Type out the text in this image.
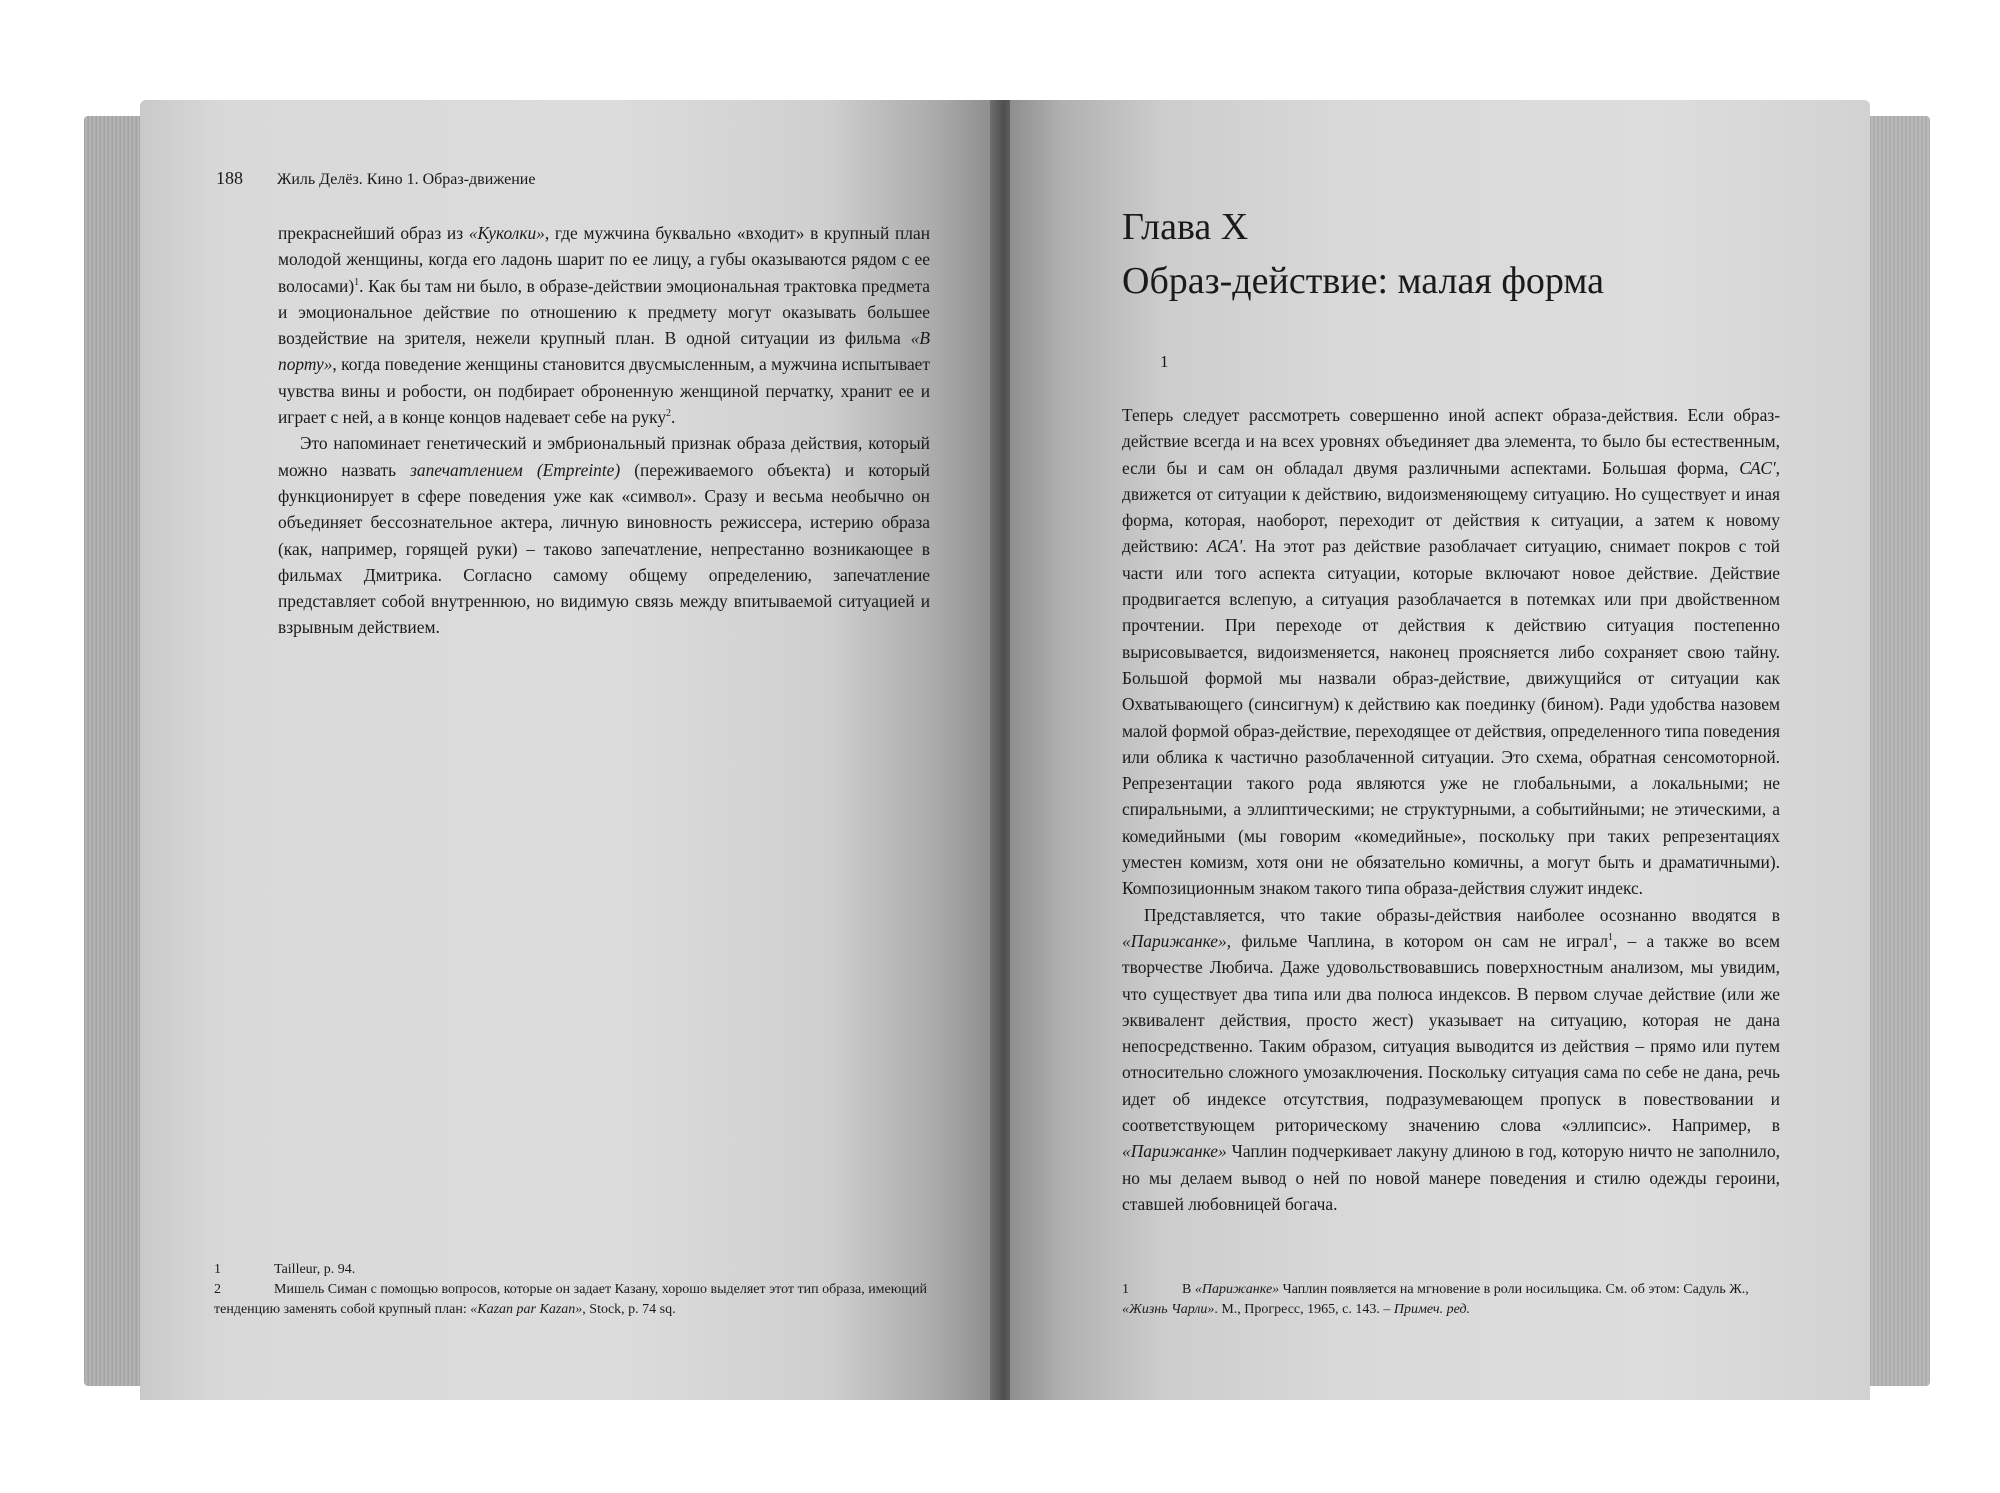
188 Жиль Делёз. Кино 1. Образ-движение

прекраснейший образ из «Куколки», где мужчина буквально «входит» в крупный план молодой женщины, когда его ладонь шарит по ее лицу, а губы оказываются рядом с ее волосами)$^1$. Как бы там ни было, в образе-действии эмоциональная трактовка предмета и эмоциональное действие по отношению к предмету могут оказывать большее воздействие на зрителя, нежели крупный план. В одной ситуации из фильма «В порту», когда поведение женщины становится двусмысленным, а мужчина испытывает чувства вины и робости, он подбирает оброненную женщиной перчатку, хранит ее и играет с ней, а в конце концов надевает себе на руку$^2$.

Это напоминает генетический и эмбриональный признак образа действия, который можно назвать запечатлением (Empreinte) (переживаемого объекта) и который функционирует в сфере поведения уже как «символ». Сразу и весьма необычно он объединяет бессознательное актера, личную виновность режиссера, истерию образа (как, например, горящей руки) – таково запечатление, непрестанно возникающее в фильмах Дмитрика. Согласно самому общему определению, запечатление представляет собой внутреннюю, но видимую связь между впитываемой ситуацией и взрывным действием.

1	Tailleur, p. 94.
2	Мишель Симан с помощью вопросов, которые он задает Казану, хорошо выделяет этот тип образа, имеющий тенденцию заменять собой крупный план: «Kazan par Kazan», Stock, p. 74 sq.
Глава X
Образ-действие: малая форма
1

Теперь следует рассмотреть совершенно иной аспект образа-действия. Если образ-действие всегда и на всех уровнях объединяет два элемента, то было бы естественным, если бы и сам он обладал двумя различными аспектами. Большая форма, САС', движется от ситуации к действию, видоизменяющему ситуацию. Но существует и иная форма, которая, наоборот, переходит от действия к ситуации, а затем к новому действию: АСА'. На этот раз действие разоблачает ситуацию, снимает покров с той части или того аспекта ситуации, которые включают новое действие. Действие продвигается вслепую, а ситуация разоблачается в потемках или при двойственном прочтении. При переходе от действия к действию ситуация постепенно вырисовывается, видоизменяется, наконец проясняется либо сохраняет свою тайну. Большой формой мы назвали образ-действие, движущийся от ситуации как Охватывающего (синсигнум) к действию как поединку (бином). Ради удобства назовем малой формой образ-действие, переходящее от действия, определенного типа поведения или облика к частично разоблаченной ситуации. Это схема, обратная сенсомоторной. Репрезентации такого рода являются уже не глобальными, а локальными; не спиральными, а эллиптическими; не структурными, а событийными; не этическими, а комедийными (мы говорим «комедийные», поскольку при таких репрезентациях уместен комизм, хотя они не обязательно комичны, а могут быть и драматичными). Композиционным знаком такого типа образа-действия служит индекс.

Представляется, что такие образы-действия наиболее осознанно вводятся в «Парижанке», фильме Чаплина, в котором он сам не играл$^1$, – а также во всем творчестве Любича. Даже удовольствовавшись поверхностным анализом, мы увидим, что существует два типа или два полюса индексов. В первом случае действие (или же эквивалент действия, просто жест) указывает на ситуацию, которая не дана непосредственно. Таким образом, ситуация выводится из действия – прямо или путем относительно сложного умозаключения. Поскольку ситуация сама по себе не дана, речь идет об индексе отсутствия, подразумевающем пропуск в повествовании и соответствующем риторическому значению слова «эллипсис». Например, в «Парижанке» Чаплин подчеркивает лакуну длиною в год, которую ничто не заполнило, но мы делаем вывод о ней по новой манере поведения и стилю одежды героини, ставшей любовницей богача.

1	В «Парижанке» Чаплин появляется на мгновение в роли носильщика. См. об этом: Садуль Ж., «Жизнь Чарли». М., Прогресс, 1965, с. 143. – Примеч. ред.
